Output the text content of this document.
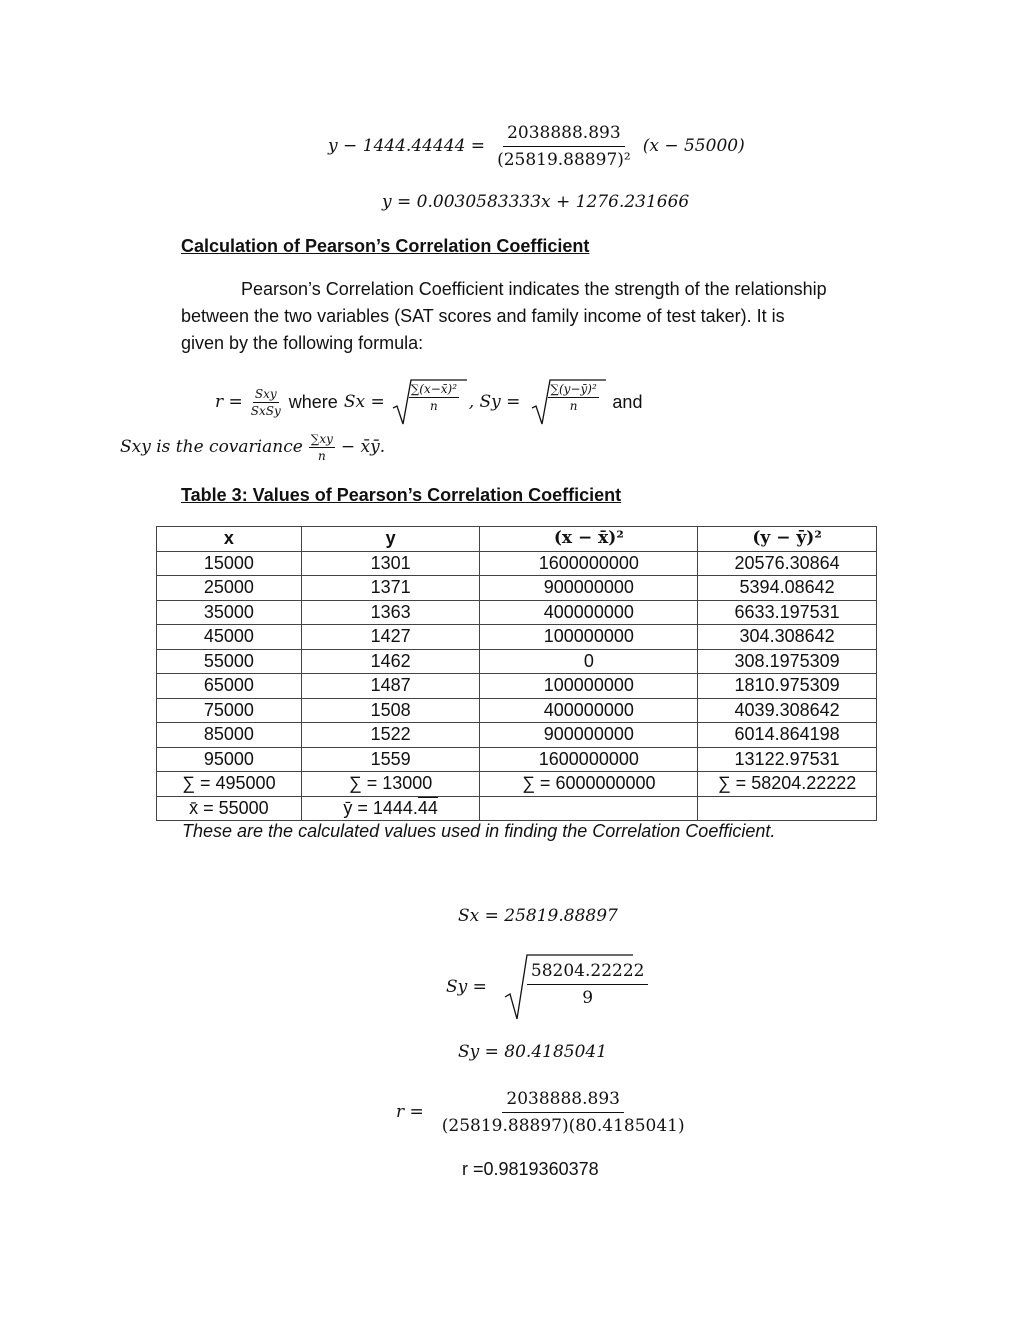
$y - 1444.44444 = \frac{2038888.893}{\text{(25819.88897)²}} (x - 55000)$
y = 0.0030583333x + 1276.231666
Calculation of Pearson’s Correlation Coefficient
Pearson’s Correlation Coefficient indicates the strength of the relationship
between the two variables (SAT scores and family income of test taker). It is
given by the following formula:
$r = \frac{\text{Sxy}}{\text{SxSy}}$ where $Sx = \frac{\text{∑(x−x̄)²}}{n}$ , $Sy = \frac{\text{∑(y−ȳ)²}}{n}$ and
Sxy is the covariance $\frac{\sum xy}{n}$ − x̄ȳ.
Table 3: Values of Pearson’s Correlation Coefficient
x	y	(x − x̄)²	(y − ȳ)²
15000	1301	1600000000	20576.30864
25000	1371	900000000	5394.08642
35000	1363	400000000	6633.197531
45000	1427	100000000	304.308642
55000	1462	0	308.1975309
65000	1487	100000000	1810.975309
75000	1508	400000000	4039.308642
85000	1522	900000000	6014.864198
95000	1559	1600000000	13122.97531
∑ = 495000	∑ = 13000	∑ = 6000000000	∑ = 58204.22222
x̄ = 55000	ȳ = 1444.44		
These are the calculated values used in finding the Correlation Coefficient.
Sx = 25819.88897
$Sy = \frac{58204.22222}{9}$
Sy = 80.4185041
$r = \frac{2038888.893}{(25819.88897)(80.4185041)}$
r =0.9819360378
